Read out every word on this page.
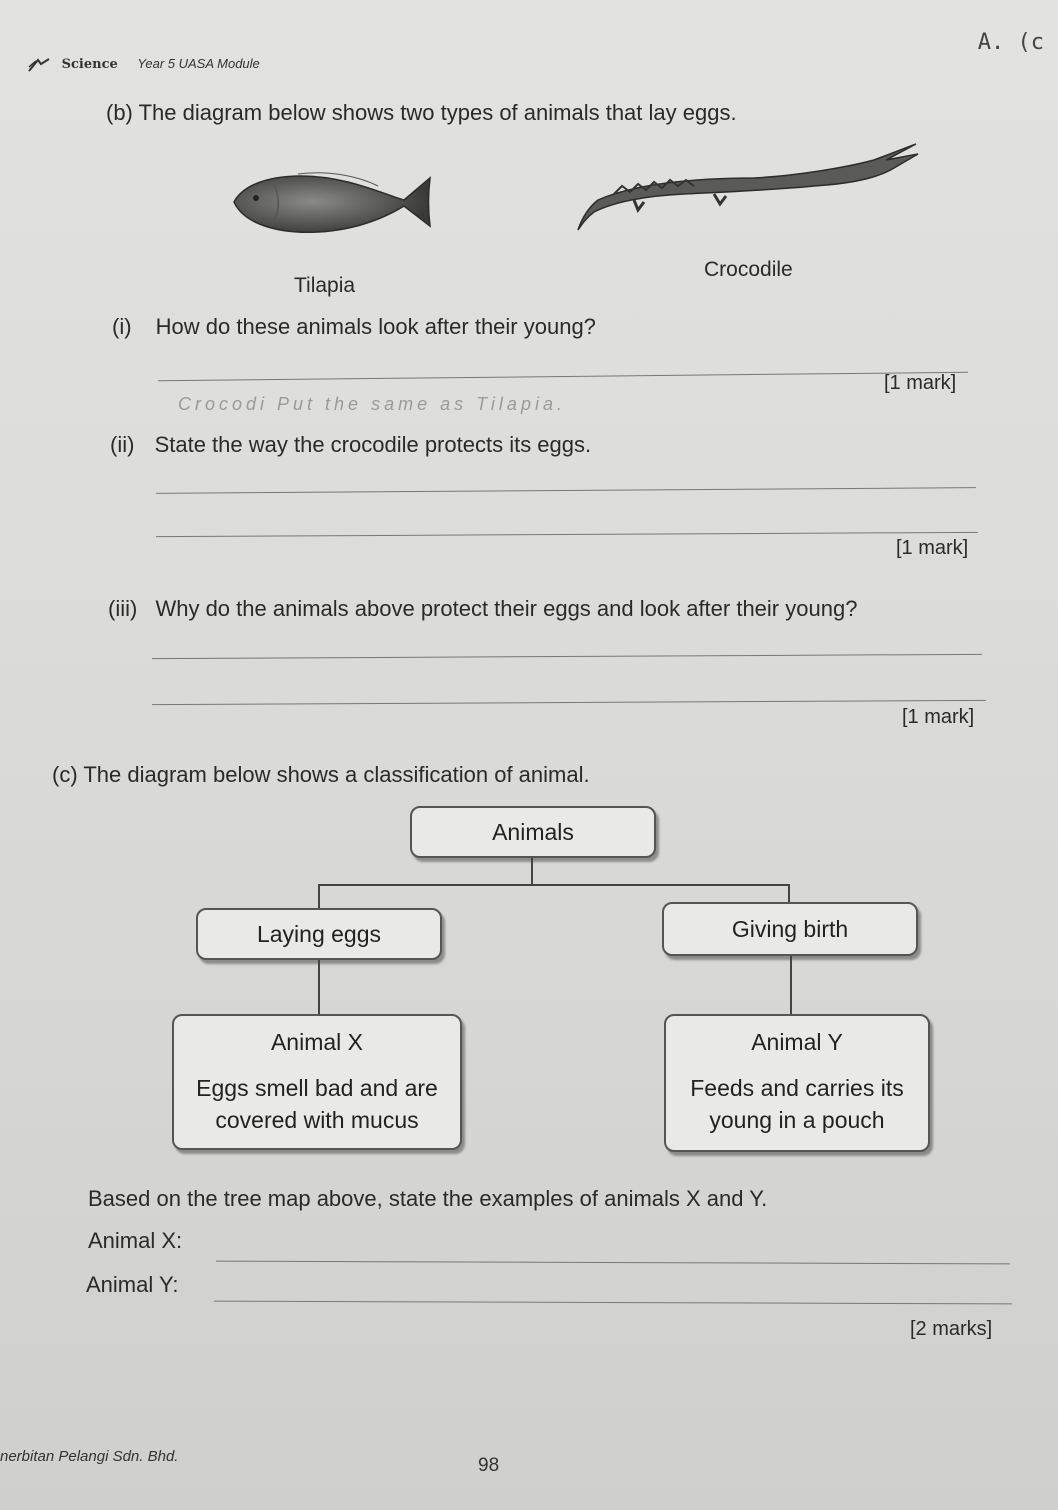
Science Year 5 UASA Module
A. (c
(b) The diagram below shows two types of animals that lay eggs.
Tilapia
Crocodile
(i) How do these animals look after their young?
[1 mark]
Crocodi Put the same as Tilapia.
(ii) State the way the crocodile protects its eggs.
[1 mark]
(iii) Why do the animals above protect their eggs and look after their young?
[1 mark]
(c) The diagram below shows a classification of animal.
Animals
Laying eggs	Giving birth
Animal X
Eggs smell bad and are
covered with mucus
Animal Y
Feeds and carries its
young in a pouch
Based on the tree map above, state the examples of animals X and Y.
Animal X:
Animal Y:
[2 marks]
nerbitan Pelangi Sdn. Bhd.	98
